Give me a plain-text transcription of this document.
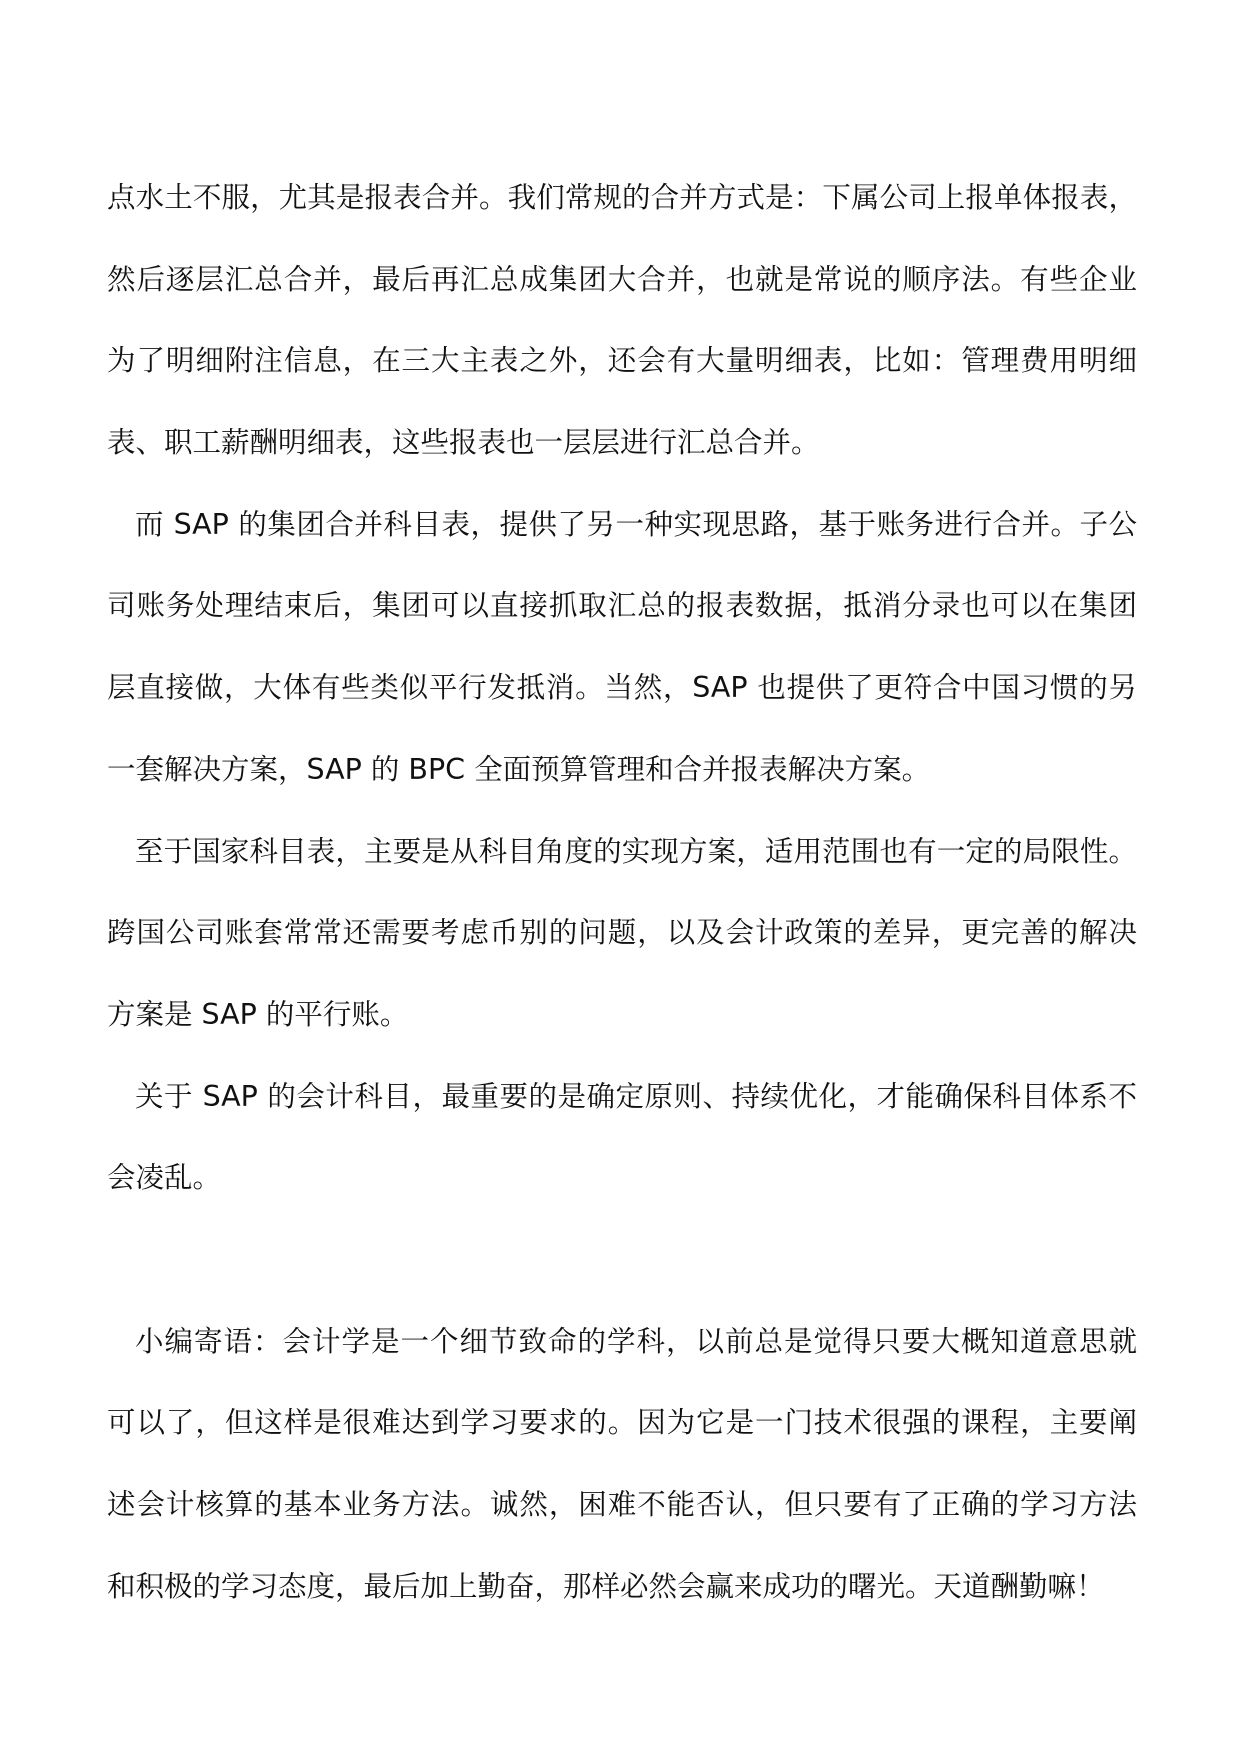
点水土不服，尤其是报表合并。我们常规的合并方式是：下属公司上报单体报表，
然后逐层汇总合并，最后再汇总成集团大合并，也就是常说的顺序法。有些企业
为了明细附注信息，在三大主表之外，还会有大量明细表，比如：管理费用明细
表、职工薪酬明细表，这些报表也一层层进行汇总合并。
而 SAP 的集团合并科目表，提供了另一种实现思路，基于账务进行合并。子公
司账务处理结束后，集团可以直接抓取汇总的报表数据，抵消分录也可以在集团
层直接做，大体有些类似平行发抵消。当然，SAP 也提供了更符合中国习惯的另
一套解决方案，SAP 的 BPC 全面预算管理和合并报表解决方案。
至于国家科目表，主要是从科目角度的实现方案，适用范围也有一定的局限性。
跨国公司账套常常还需要考虑币别的问题，以及会计政策的差异，更完善的解决
方案是 SAP 的平行账。
关于 SAP 的会计科目，最重要的是确定原则、持续优化，才能确保科目体系不
会凌乱。
小编寄语：会计学是一个细节致命的学科，以前总是觉得只要大概知道意思就
可以了，但这样是很难达到学习要求的。因为它是一门技术很强的课程，主要阐
述会计核算的基本业务方法。诚然，困难不能否认，但只要有了正确的学习方法
和积极的学习态度，最后加上勤奋，那样必然会赢来成功的曙光。天道酬勤嘛！
